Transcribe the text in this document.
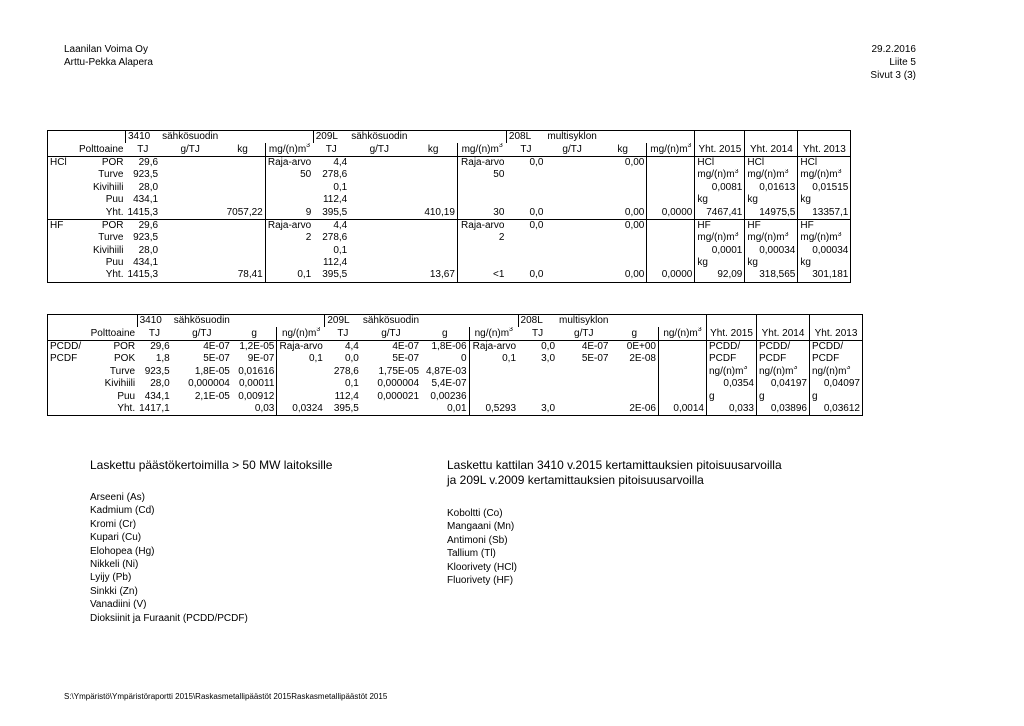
Laanilan Voima Oy
Arttu-Pekka Alapera
29.2.2016
Liite 5
Sivut 3 (3)
		3410	sähkösuodin			209L	sähkösuodin			208L	multisyklon					
Polttoaine		TJ	g/TJ	kg	mg/(n)m 3	TJ	g/TJ	kg	mg/(n)m 3	TJ	g/TJ	kg	mg/(n)m 3	Yht. 2015	Yht. 2014	Yht. 2013
HCl	POR	29,6			Raja-arvo	4,4			Raja-arvo	0,0		0,00		HCl	HCl	HCl
	Turve	923,5			50	278,6			50					mg/(n)m 3	mg/(n)m 3	mg/(n)m 3
	Kivihiili	28,0				0,1								0,0081	0,01613	0,01515
	Puu	434,1				112,4								kg	kg	kg
	Yht.	1415,3		7057,22	9	395,5		410,19	30	0,0		0,00	0,0000	7467,41	14975,5	13357,1
HF	POR	29,6			Raja-arvo	4,4			Raja-arvo	0,0		0,00		HF	HF	HF
	Turve	923,5			2	278,6			2					mg/(n)m 3	mg/(n)m 3	mg/(n)m 3
	Kivihiili	28,0				0,1								0,0001	0,00034	0,00034
	Puu	434,1				112,4								kg	kg	kg
	Yht.	1415,3		78,41	0,1	395,5		13,67	<1	0,0		0,00	0,0000	92,09	318,565	301,181
		3410	sähkösuodin			209L	sähkösuodin			208L	multisyklon					
Polttoaine		TJ	g/TJ	g	ng/(n)m 3	TJ	g/TJ	g	ng/(n)m 3	TJ	g/TJ	g	ng/(n)m 3	Yht. 2015	Yht. 2014	Yht. 2013
PCDD/	POR	29,6	4E-07	1,2E-05	Raja-arvo	4,4	4E-07	1,8E-06	Raja-arvo	0,0	4E-07	0E+00		PCDD/	PCDD/	PCDD/
PCDF	POK	1,8	5E-07	9E-07	0,1	0,0	5E-07	0	0,1	3,0	5E-07	2E-08		PCDF	PCDF	PCDF
	Turve	923,5	1,8E-05	0,01616		278,6	1,75E-05	4,87E-03						ng/(n)m 3	ng/(n)m 3	ng/(n)m 3
	Kivihiili	28,0	0,000004	0,00011		0,1	0,000004	5,4E-07						0,0354	0,04197	0,04097
	Puu	434,1	2,1E-05	0,00912		112,4	0,000021	0,00236						g	g	g
	Yht.	1417,1		0,03	0,0324	395,5		0,01	0,5293	3,0		2E-06	0,0014	0,033	0,03896	0,03612
Laskettu päästökertoimilla > 50 MW laitoksille
Arseeni (As)
Kadmium (Cd)
Kromi (Cr)
Kupari (Cu)
Elohopea (Hg)
Nikkeli (Ni)
Lyijy (Pb)
Sinkki (Zn)
Vanadiini (V)
Dioksiinit ja Furaanit (PCDD/PCDF)
Laskettu kattilan 3410 v.2015 kertamittauksien pitoisuusarvoilla
ja 209L v.2009 kertamittauksien pitoisuusarvoilla
Koboltti (Co)
Mangaani (Mn)
Antimoni (Sb)
Tallium (Tl)
Kloorivety (HCl)
Fluorivety (HF)
S:\Ympäristö\Ympäristöraportti 2015\Raskasmetallipäästöt 2015Raskasmetallipäästöt 2015
